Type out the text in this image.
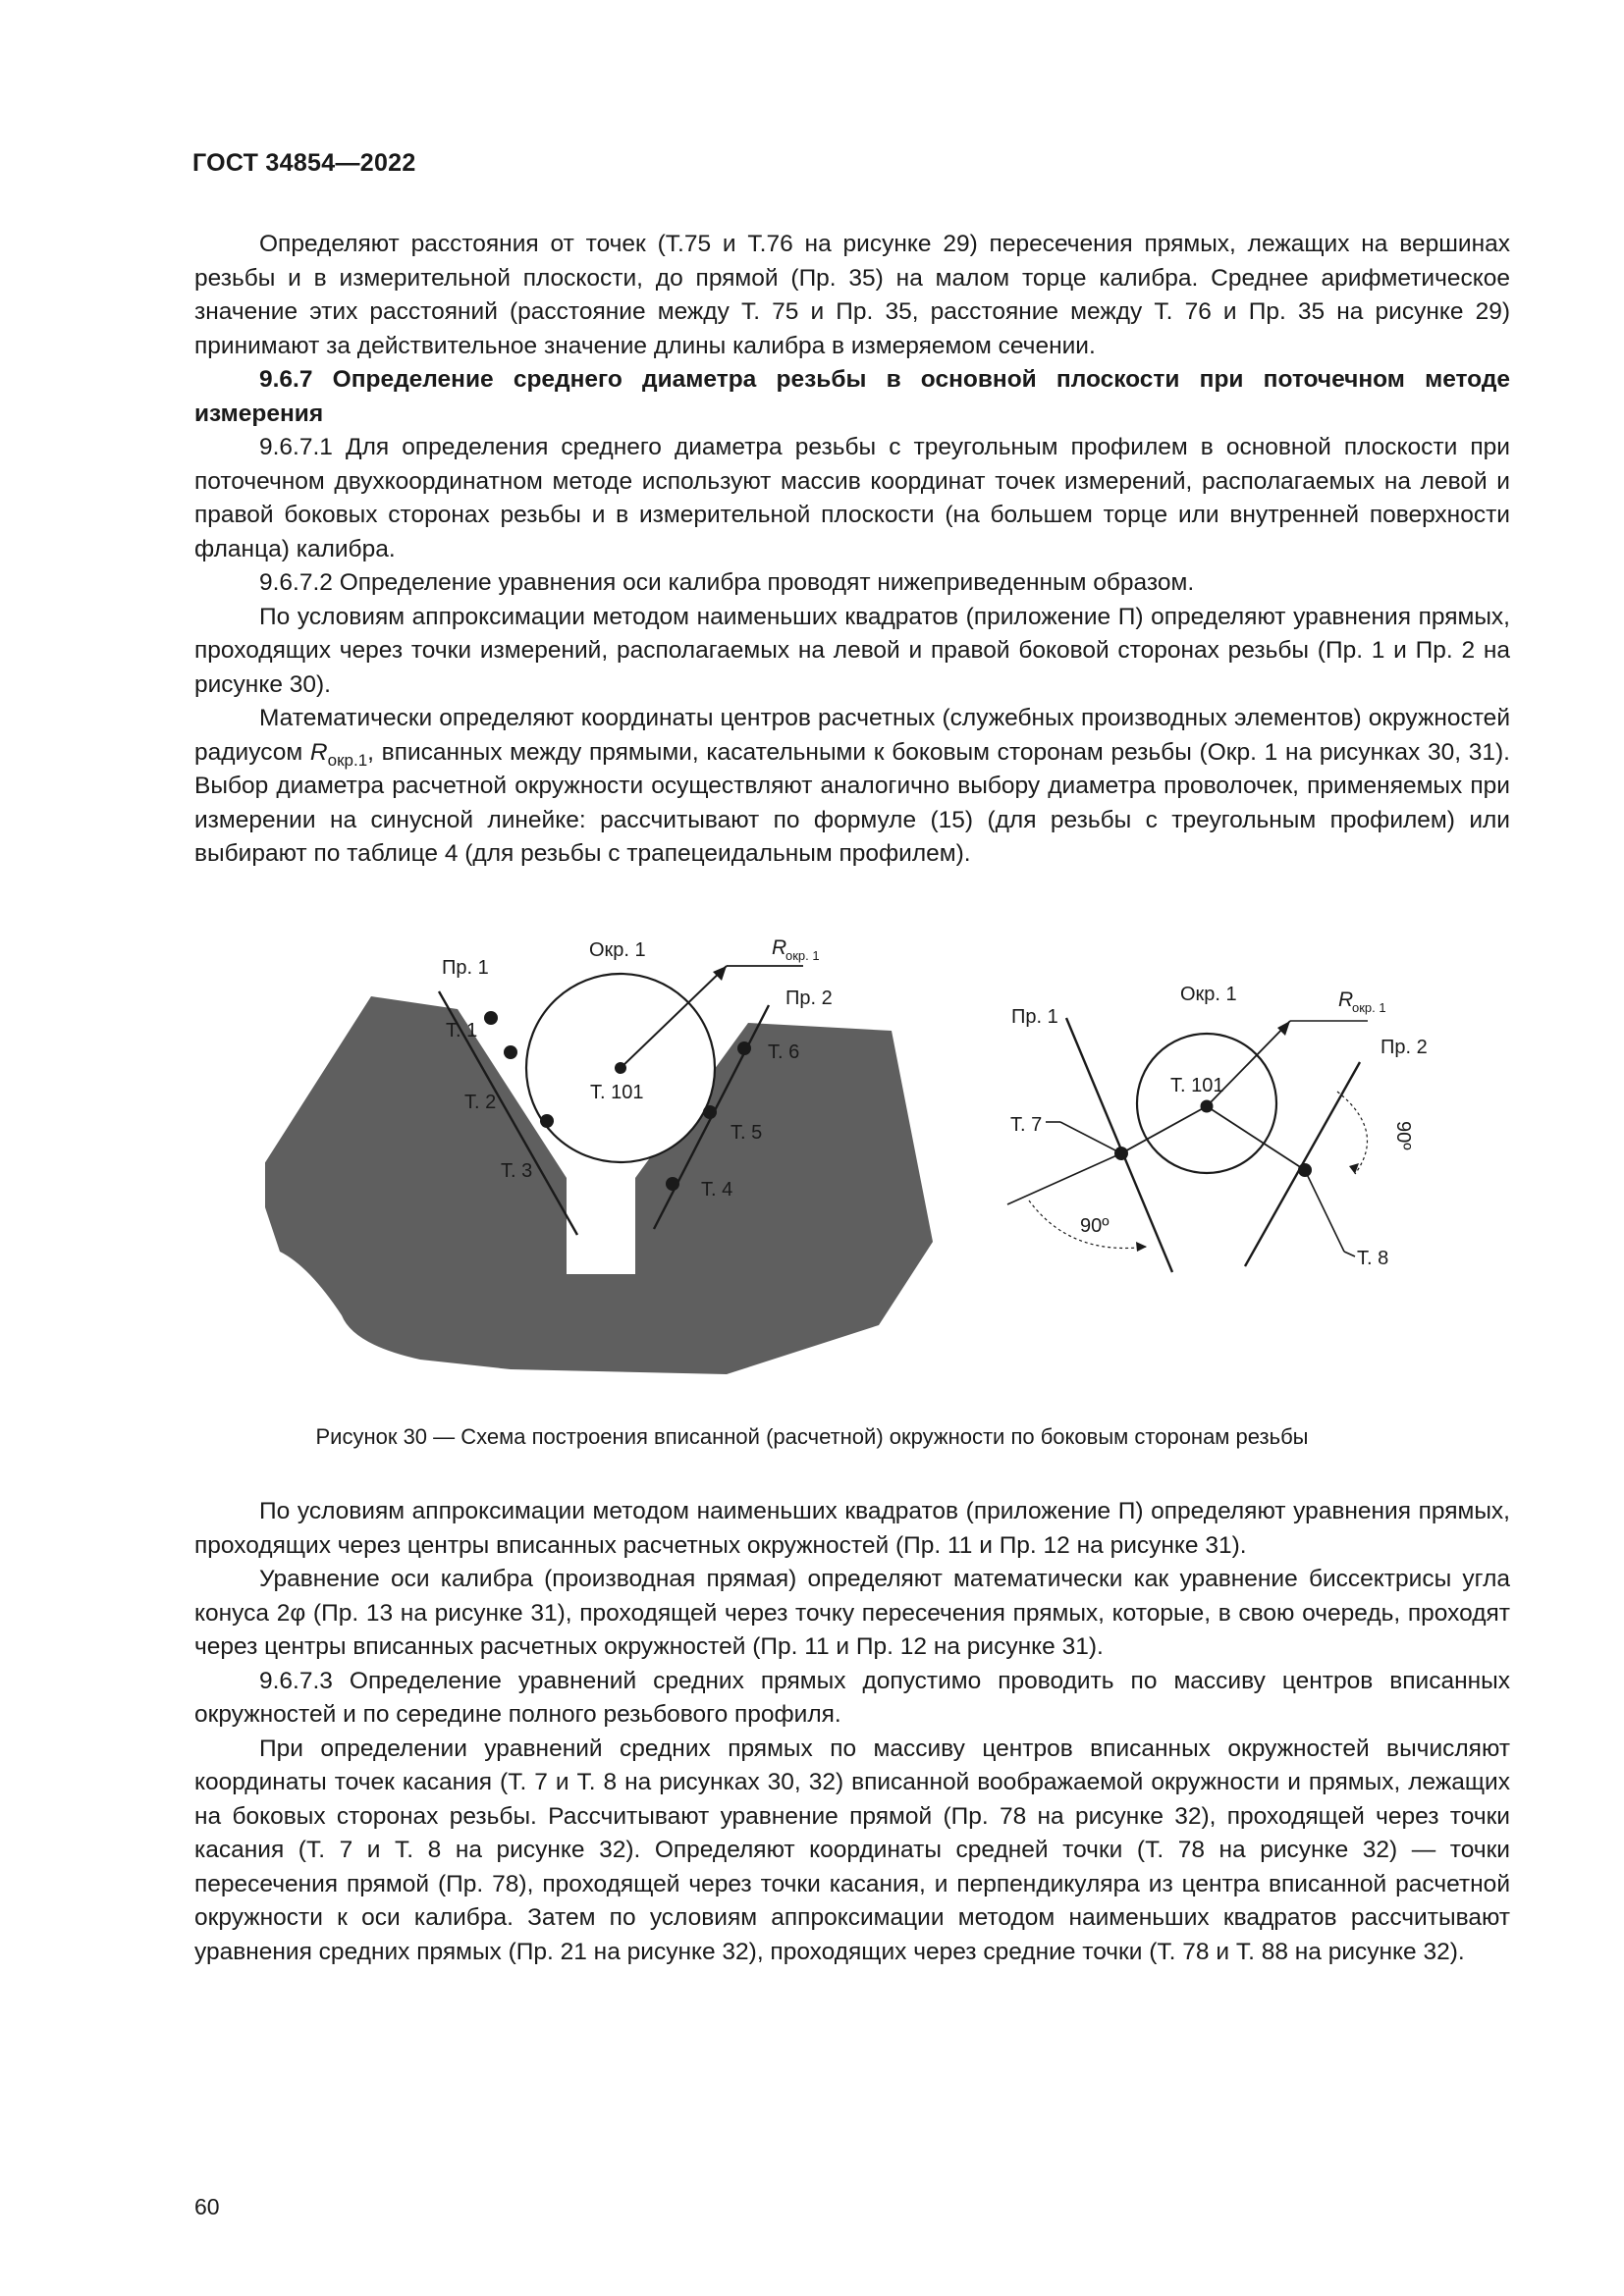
ГОСТ 34854—2022

Определяют расстояния от точек (Т.75 и Т.76 на рисунке 29) пересечения прямых, лежащих на вершинах резьбы и в измерительной плоскости, до прямой (Пр. 35) на малом торце калибра. Среднее арифметическое значение этих расстояний (расстояние между Т. 75 и Пр. 35, расстояние между Т. 76 и Пр. 35 на рисунке 29) принимают за действительное значение длины калибра в измеряемом сечении.

9.6.7 Определение среднего диаметра резьбы в основной плоскости при поточечном методе измерения

9.6.7.1 Для определения среднего диаметра резьбы с треугольным профилем в основной плоскости при поточечном двухкоординатном методе используют массив координат точек измерений, располагаемых на левой и правой боковых сторонах резьбы и в измерительной плоскости (на большем торце или внутренней поверхности фланца) калибра.

9.6.7.2 Определение уравнения оси калибра проводят нижеприведенным образом.

По условиям аппроксимации методом наименьших квадратов (приложение П) определяют уравнения прямых, проходящих через точки измерений, располагаемых на левой и правой боковой сторонах резьбы (Пр. 1 и Пр. 2 на рисунке 30).

Математически определяют координаты центров расчетных (служебных производных элементов) окружностей радиусом $R_{окр.1}$, вписанных между прямыми, касательными к боковым сторонам резьбы (Окр. 1 на рисунках 30, 31). Выбор диаметра расчетной окружности осуществляют аналогично выбору диаметра проволочек, применяемых при измерении на синусной линейке: рассчитывают по формуле (15) (для резьбы с треугольным профилем) или выбирают по таблице 4 (для резьбы с трапецеидальным профилем).

Пр. 1
Окр. 1	R
окр. 1
Пр. 2
Т. 1
Т. 6
Т. 101
Т. 2
Т. 5
Т. 3
Т. 4
Пр. 1
Окр. 1	R
окр. 1
Пр. 2
Т. 101
Т. 7
90º
90º
Т. 8
Рисунок 30 — Схема построения вписанной (расчетной) окружности по боковым сторонам резьбы

По условиям аппроксимации методом наименьших квадратов (приложение П) определяют уравнения прямых, проходящих через центры вписанных расчетных окружностей (Пр. 11 и Пр. 12 на рисунке 31).

Уравнение оси калибра (производная прямая) определяют математически как уравнение биссектрисы угла конуса 2φ (Пр. 13 на рисунке 31), проходящей через точку пересечения прямых, которые, в свою очередь, проходят через центры вписанных расчетных окружностей (Пр. 11 и Пр. 12 на рисунке 31).

9.6.7.3 Определение уравнений средних прямых допустимо проводить по массиву центров вписанных окружностей и по середине полного резьбового профиля.

При определении уравнений средних прямых по массиву центров вписанных окружностей вычисляют координаты точек касания (Т. 7 и Т. 8 на рисунках 30, 32) вписанной воображаемой окружности и прямых, лежащих на боковых сторонах резьбы. Рассчитывают уравнение прямой (Пр. 78 на рисунке 32), проходящей через точки касания (Т. 7 и Т. 8 на рисунке 32). Определяют координаты средней точки (Т. 78 на рисунке 32) — точки пересечения прямой (Пр. 78), проходящей через точки касания, и перпендикуляра из центра вписанной расчетной окружности к оси калибра. Затем по условиям аппроксимации методом наименьших квадратов рассчитывают уравнения средних прямых (Пр. 21 на рисунке 32), проходящих через средние точки (Т. 78 и Т. 88 на рисунке 32).

60
